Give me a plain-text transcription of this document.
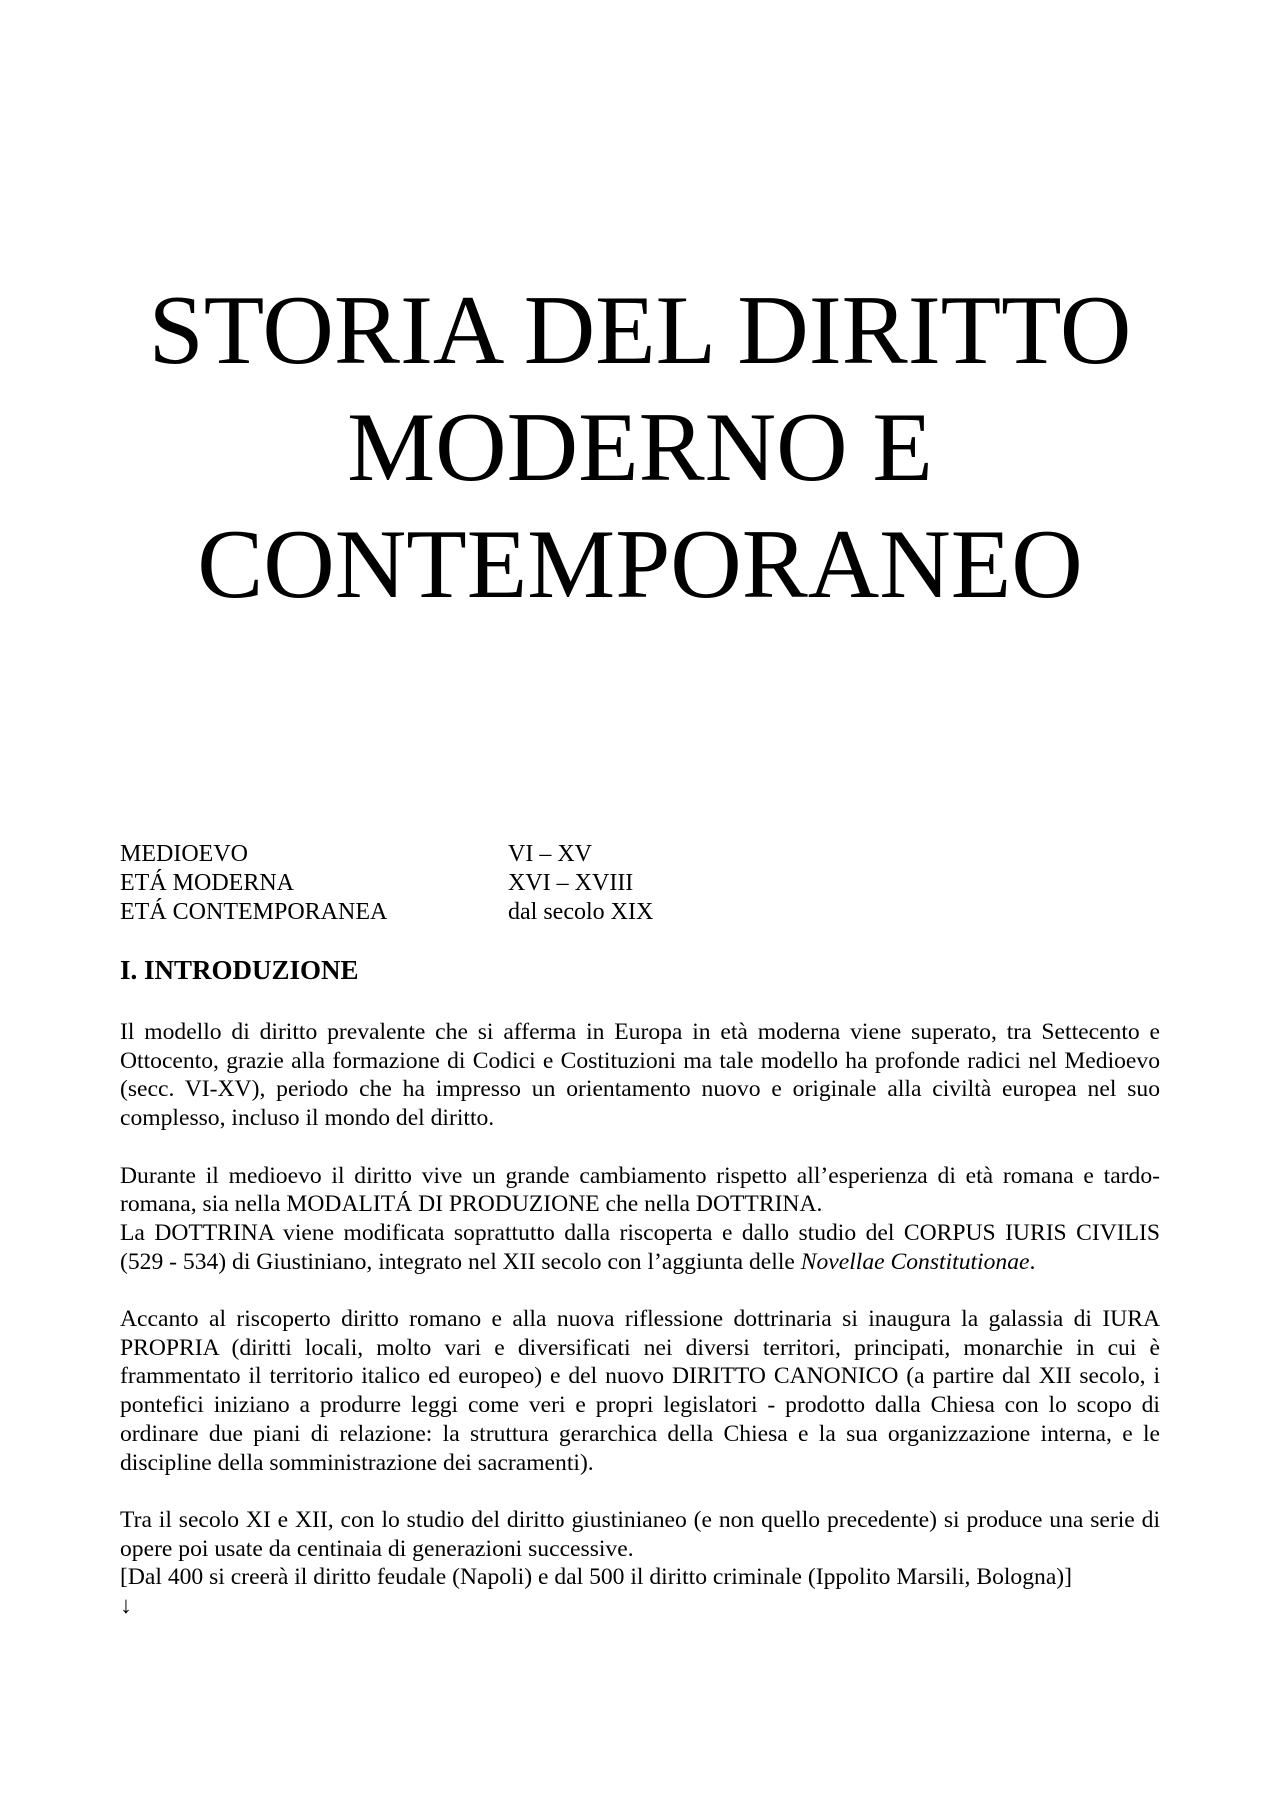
STORIA DEL DIRITTO
MODERNO E
CONTEMPORANEO
MEDIOEVO	VI – XV
ETÁ MODERNA	XVI – XVIII
ETÁ CONTEMPORANEA	dal secolo XIX
I. INTRODUZIONE

Il modello di diritto prevalente che si afferma in Europa in età moderna viene superato, tra Settecento e Ottocento, grazie alla formazione di Codici e Costituzioni ma tale modello ha profonde radici nel Medioevo (secc. VI-XV), periodo che ha impresso un orientamento nuovo e originale alla civiltà europea nel suo complesso, incluso il mondo del diritto.

Durante il medioevo il diritto vive un grande cambiamento rispetto all’esperienza di età romana e tardo-romana, sia nella MODALITÁ DI PRODUZIONE che nella DOTTRINA.

La DOTTRINA viene modificata soprattutto dalla riscoperta e dallo studio del CORPUS IURIS CIVILIS (529 - 534) di Giustiniano, integrato nel XII secolo con l’aggiunta delle Novellae Constitutionae.

Accanto al riscoperto diritto romano e alla nuova riflessione dottrinaria si inaugura la galassia di IURA PROPRIA (diritti locali, molto vari e diversificati nei diversi territori, principati, monarchie in cui è frammentato il territorio italico ed europeo) e del nuovo DIRITTO CANONICO (a partire dal XII secolo, i pontefici iniziano a produrre leggi come veri e propri legislatori - prodotto dalla Chiesa con lo scopo di ordinare due piani di relazione: la struttura gerarchica della Chiesa e la sua organizzazione interna, e le discipline della somministrazione dei sacramenti).

Tra il secolo XI e XII, con lo studio del diritto giustinianeo (e non quello precedente) si produce una serie di opere poi usate da centinaia di generazioni successive.

[Dal 400 si creerà il diritto feudale (Napoli) e dal 500 il diritto criminale (Ippolito Marsili, Bologna)]

↓
